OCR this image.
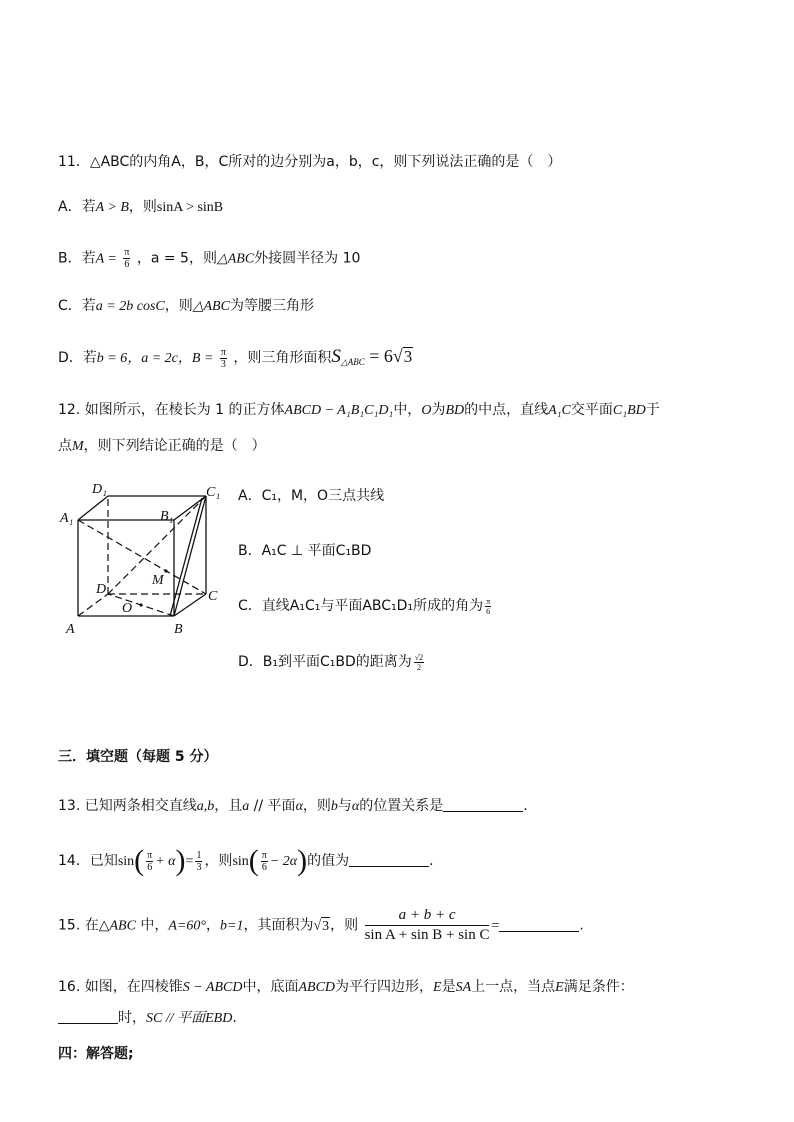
11．△ABC的内角A，B，C所对的边分别为a，b，c，则下列说法正确的是（　）
A．若A > B，则sinA > sinB
B．若$A = \frac{\pi}{6}$ ，a = 5，则△ABC外接圆半径为 10
C．若a = 2b cosC，则△ABC为等腰三角形
D．若b = 6，a = 2c，$B = \frac{\pi}{3}$ ，则三角形面积$S_{\triangle ABC} = 6√3$
12. 如图所示，在棱长为 1 的正方体ABCD − A₁B₁C₁D₁中，O为BD的中点，直线A₁C交平面C₁BD于
点M，则下列结论正确的是（　）
D₁	C₁
A₁	B₁
M
D	C
O
A	B
A．C₁，M，O三点共线
B．A₁C ⊥ 平面C₁BD
C．直线A₁C₁与平面ABC₁D₁所成的角为 $\frac{\pi}{6}$
D．B₁到平面C₁BD的距离为 $\frac{√2}{2}$
三．填空题（每题 5 分）
13. 已知两条相交直线a,b，且a // 平面α，则b与α的位置关系是	.
14．已知$\sin( \frac{\pi}{6} + \alpha)= \frac{1}{3}$ ，则$\sin( \frac{\pi}{6} - 2\alpha)$的值为	.
15. 在△ABC 中，A=60°，b=1，其面积为√3，则 $\frac{a + b + c}{\text{sin A + sin B + sin C}}$ =	.
16. 如图，在四棱锥S − ABCD中，底面ABCD为平行四边形，E是SA上一点，当点E满足条件：
时，SC // 平面EBD.
四：解答题;
